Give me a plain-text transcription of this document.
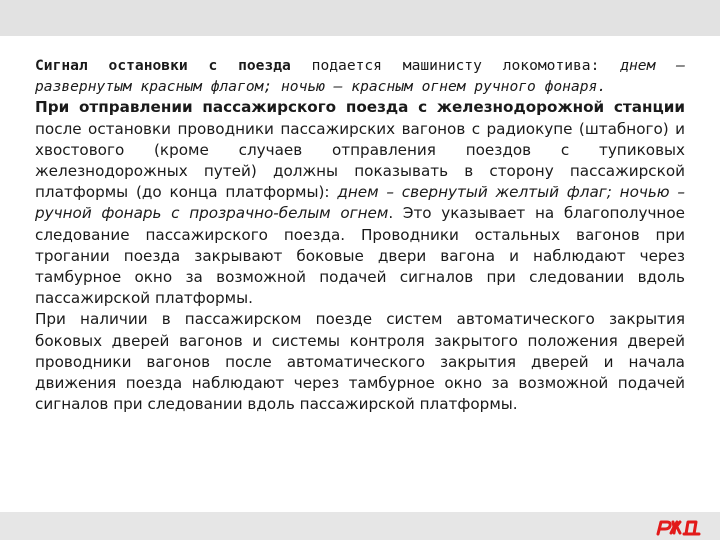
Сигнал остановки с поезда подается машинисту локомотива: днем – развернутым красным флагом; ночью – красным огнем ручного фонаря.

При отправлении пассажирского поезда с железнодорожной станции после остановки проводники пассажирских вагонов с радиокупе (штабного) и хвостового (кроме случаев отправления поездов с тупиковых железнодорожных путей) должны показывать в сторону пассажирской платформы (до конца платформы): днем – свернутый желтый флаг; ночью – ручной фонарь с прозрачно-белым огнем. Это указывает на благополучное следование пассажирского поезда. Проводники остальных вагонов при трогании поезда закрывают боковые двери вагона и наблюдают через тамбурное окно за возможной подачей сигналов при следовании вдоль пассажирской платформы.

При наличии в пассажирском поезде систем автоматического закрытия боковых дверей вагонов и системы контроля закрытого положения дверей проводники вагонов после автоматического закрытия дверей и начала движения поезда наблюдают через тамбурное окно за возможной подачей сигналов при следовании вдоль пассажирской платформы.
